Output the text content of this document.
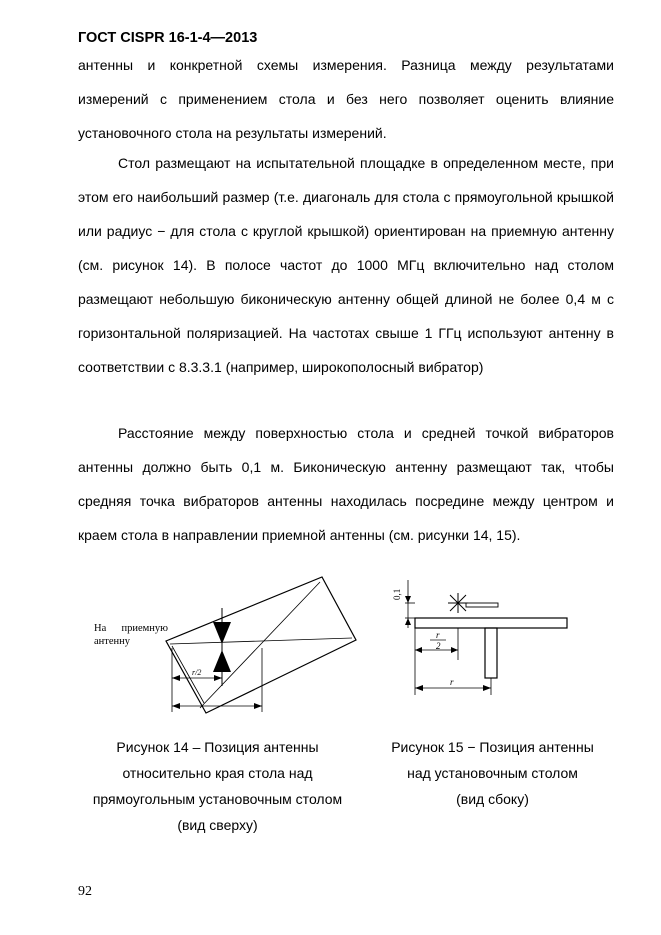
ГОСТ CISPR 16-1-4—2013
антенны и конкретной схемы измерения. Разница между результатами измерений с применением стола и без него позволяет оценить влияние установочного стола на результаты измерений.
Стол размещают на испытательной площадке в определенном месте, при этом его наибольший размер (т.е. диагональ для стола с прямоугольной крышкой или радиус − для стола с круглой крышкой) ориентирован на приемную антенну (см. рисунок 14). В полосе частот до 1000 МГц включительно над столом размещают небольшую биконическую антенну общей длиной не более 0,4 м с горизонтальной поляризацией. На частотах свыше 1 ГГц используют антенну в соответствии с 8.3.3.1 (например, широкополосный вибратор)
Расстояние между поверхностью стола и средней точкой вибраторов антенны должно быть 0,1 м. Биконическую антенну размещают так, чтобы средняя точка вибраторов антенны находилась посредине между центром и краем стола в направлении приемной антенны (см. рисунки 14, 15).
r/2
На приемную
антенну
0,1
r
2
r
Рисунок 14 – Позиция антенны
относительно края стола над
прямоугольным установочным столом
(вид сверху)
Рисунок 15 − Позиция антенны
над установочным столом
(вид сбоку)
92
